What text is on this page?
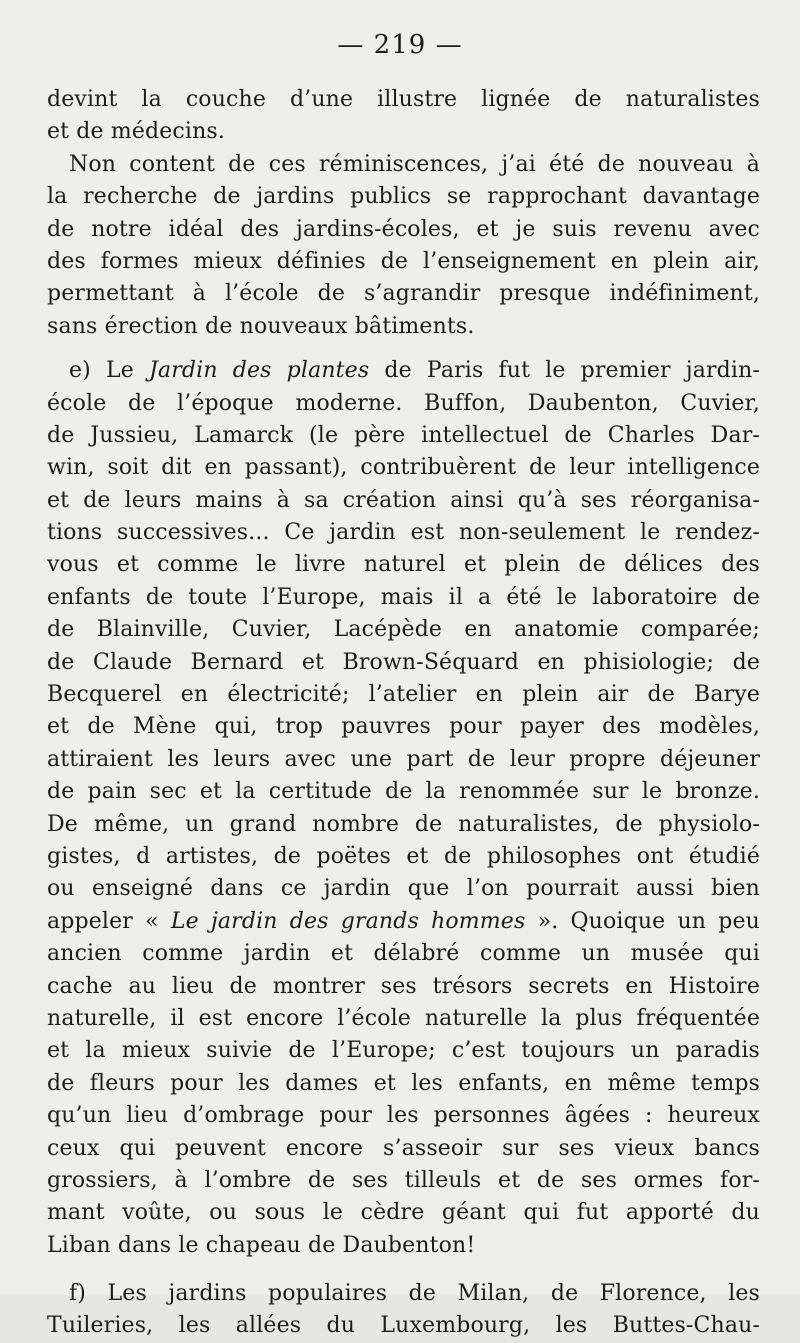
— 219 —
devint la couche d’une illustre lignée de naturalistes
et de médecins.
Non content de ces réminiscences, j’ai été de nouveau à
la recherche de jardins publics se rapprochant davantage
de notre idéal des jardins-écoles, et je suis revenu avec
des formes mieux définies de l’enseignement en plein air,
permettant à l’école de s’agrandir presque indéfiniment,
sans érection de nouveaux bâtiments.
e) Le Jardin des plantes de Paris fut le premier jardin-
école de l’époque moderne. Buffon, Daubenton, Cuvier,
de Jussieu, Lamarck (le père intellectuel de Charles Dar-
win, soit dit en passant), contribuèrent de leur intelligence
et de leurs mains à sa création ainsi qu’à ses réorganisa-
tions successives... Ce jardin est non-seulement le rendez-
vous et comme le livre naturel et plein de délices des
enfants de toute l’Europe, mais il a été le laboratoire de
de Blainville, Cuvier, Lacépède en anatomie comparée;
de Claude Bernard et Brown-Séquard en phisiologie; de
Becquerel en électricité; l’atelier en plein air de Barye
et de Mène qui, trop pauvres pour payer des modèles,
attiraient les leurs avec une part de leur propre déjeuner
de pain sec et la certitude de la renommée sur le bronze.
De même, un grand nombre de naturalistes, de physiolo-
gistes, d artistes, de poëtes et de philosophes ont étudié
ou enseigné dans ce jardin que l’on pourrait aussi bien
appeler « Le jardin des grands hommes ». Quoique un peu
ancien comme jardin et délabré comme un musée qui
cache au lieu de montrer ses trésors secrets en Histoire
naturelle, il est encore l’école naturelle la plus fréquentée
et la mieux suivie de l’Europe; c’est toujours un paradis
de fleurs pour les dames et les enfants, en même temps
qu’un lieu d’ombrage pour les personnes âgées : heureux
ceux qui peuvent encore s’asseoir sur ses vieux bancs
grossiers, à l’ombre de ses tilleuls et de ses ormes for-
mant voûte, ou sous le cèdre géant qui fut apporté du
Liban dans le chapeau de Daubenton!
f) Les jardins populaires de Milan, de Florence, les
Tuileries, les allées du Luxembourg, les Buttes-Chau-
